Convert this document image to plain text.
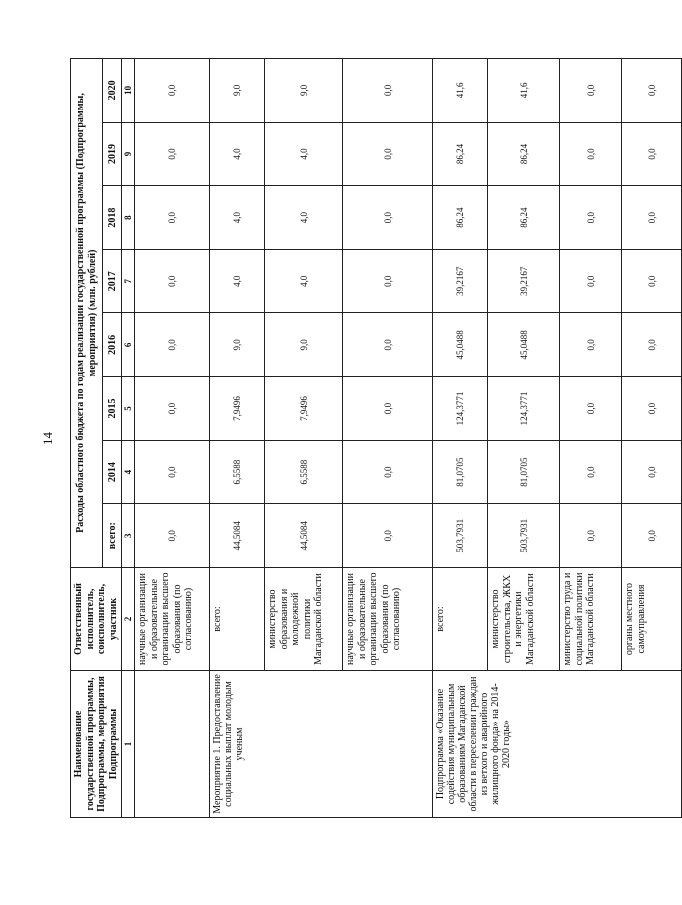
14
Наименование государственной программы, Подпрограммы, мероприятия Подпрограммы	Ответственный исполнитель, соисполнитель, участник	Расходы областного бюджета по годам реализации государственной программы (Подпрограммы, мероприятия) (млн. рублей)							
		всего:	2014	2015	2016	2017	2018	2019	2020
1	2	3	4	5	6	7	8	9	10
	научные организации и образовательные организации высшего образования (по согласованию)	0,0	0,0	0,0	0,0	0,0	0,0	0,0	0,0
Мероприятие 1. Предоставление социальных выплат молодым ученым	всего:	44,5084	6,5588	7,9496	9,0	4,0	4,0	4,0	9,0
	министерство образования и молодежной политики Магаданской области	44,5084	6,5588	7,9496	9,0	4,0	4,0	4,0	9,0
	научные организации и образовательные организации высшего образования (по согласованию)	0,0	0,0	0,0	0,0	0,0	0,0	0,0	0,0
Подпрограмма «Оказание содействия муниципальным образованиям Магаданской области в переселении граждан из ветхого и аварийного жилищного фонда» на 2014-2020 годы»	всего:	503,7931	81,0705	124,3771	45,0488	39,2167	86,24	86,24	41,6
	министерство строительства, ЖКХ и энергетики Магаданской области	503,7931	81,0705	124,3771	45,0488	39,2167	86,24	86,24	41,6
	министерство труда и социальной политики Магаданской области	0,0	0,0	0,0	0,0	0,0	0,0	0,0	0,0
	органы местного самоуправления	0,0	0,0	0,0	0,0	0,0	0,0	0,0	0,0
